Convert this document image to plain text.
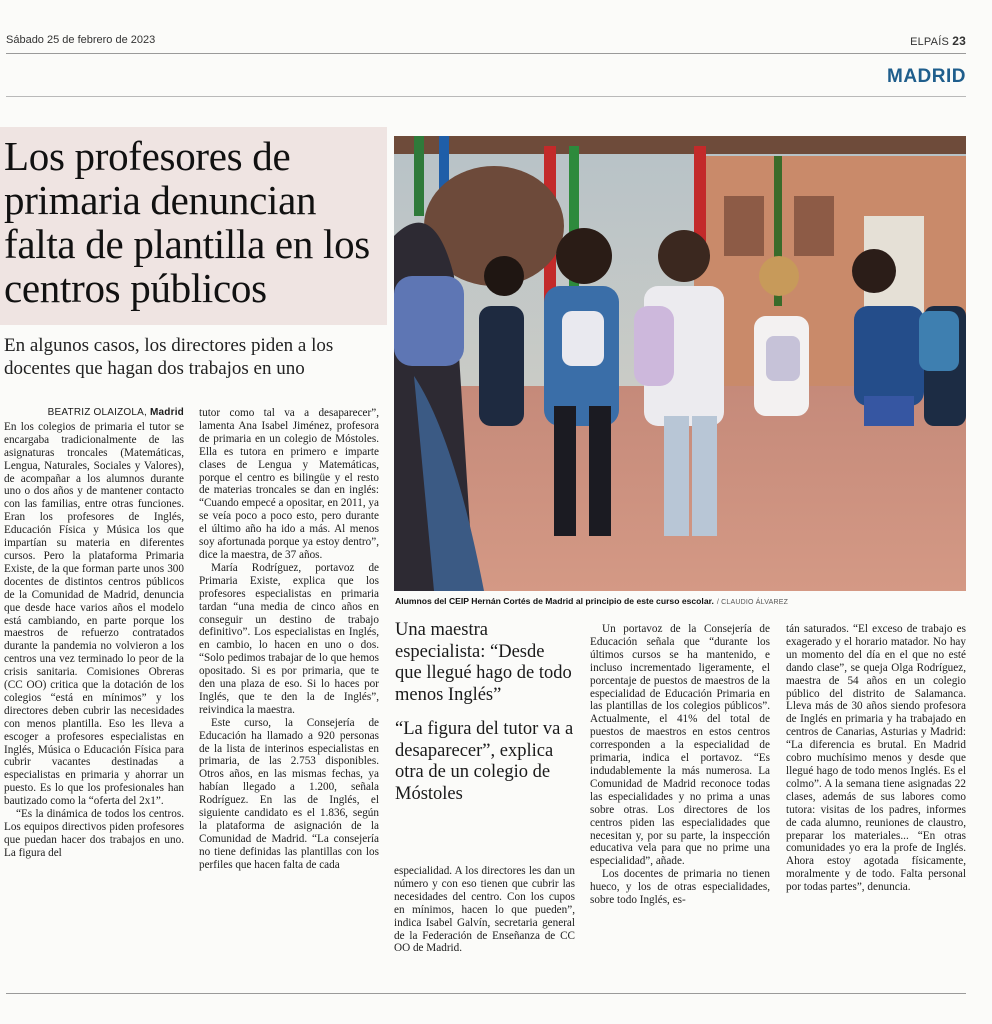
Sábado 25 de febrero de 2023	ELPAÍS 23
MADRID
Los profesores de primaria denuncian falta de plantilla en los centros públicos
En algunos casos, los directores piden a los docentes que hagan dos trabajos en uno
Alumnos del CEIP Hernán Cortés de Madrid al principio de este curso escolar. / CLAUDIO ÁLVAREZ

BEATRIZ OLAIZOLA, Madrid

En los colegios de primaria el tutor se encargaba tradicionalmente de las asignaturas troncales (Matemáticas, Lengua, Naturales, Sociales y Valores), de acompañar a los alumnos durante uno o dos años y de mantener contacto con las familias, entre otras funciones. Eran los profesores de Inglés, Educación Física y Música los que impartían su materia en diferentes cursos. Pero la plataforma Primaria Existe, de la que forman parte unos 300 docentes de distintos centros públicos de la Comunidad de Madrid, denuncia que desde hace varios años el modelo está cambiando, en parte porque los maestros de refuerzo contratados durante la pandemia no volvieron a los centros una vez terminado lo peor de la crisis sanitaria. Comisiones Obreras (CC OO) critica que la dotación de los colegios “está en mínimos” y los directores deben cubrir las necesidades con menos plantilla. Eso les lleva a escoger a profesores especialistas en Inglés, Música o Educación Física para cubrir vacantes destinadas a especialistas en primaria y ahorrar un puesto. Es lo que los profesionales han bautizado como la “oferta del 2x1”.

“Es la dinámica de todos los centros. Los equipos directivos piden profesores que puedan hacer dos trabajos en uno. La figura del

tutor como tal va a desaparecer”, lamenta Ana Isabel Jiménez, profesora de primaria en un colegio de Móstoles. Ella es tutora en primero e imparte clases de Lengua y Matemáticas, porque el centro es bilingüe y el resto de materias troncales se dan en inglés: “Cuando empecé a opositar, en 2011, ya se veía poco a poco esto, pero durante el último año ha ido a más. Al menos soy afortunada porque ya estoy dentro”, dice la maestra, de 37 años.

María Rodríguez, portavoz de Primaria Existe, explica que los profesores especialistas en primaria tardan “una media de cinco años en conseguir un destino de trabajo definitivo”. Los especialistas en Inglés, en cambio, lo hacen en uno o dos. “Solo pedimos trabajar de lo que hemos opositado. Si es por primaria, que te den una plaza de eso. Si lo haces por Inglés, que te den la de Inglés”, reivindica la maestra.

Este curso, la Consejería de Educación ha llamado a 920 personas de la lista de interinos especialistas en primaria, de las 2.753 disponibles. Otros años, en las mismas fechas, ya habían llegado a 1.200, señala Rodríguez. En las de Inglés, el siguiente candidato es el 1.836, según la plataforma de asignación de la Comunidad de Madrid. “La consejería no tiene definidas las plantillas con los perfiles que hacen falta de cada

Una maestra especialista: “Desde que llegué hago de todo menos Inglés”
“La figura del tutor va a desaparecer”, explica otra de un colegio de Móstoles

especialidad. A los directores les dan un número y con eso tienen que cubrir las necesidades del centro. Con los cupos en mínimos, hacen lo que pueden”, indica Isabel Galvín, secretaria general de la Federación de Enseñanza de CC OO de Madrid.

Un portavoz de la Consejería de Educación señala que “durante los últimos cursos se ha mantenido, e incluso incrementado ligeramente, el porcentaje de puestos de maestros de la especialidad de Educación Primaria en las plantillas de los colegios públicos”. Actualmente, el 41% del total de puestos de maestros en estos centros corresponden a la especialidad de primaria, indica el portavoz. “Es indudablemente la más numerosa. La Comunidad de Madrid reconoce todas las especialidades y no prima a unas sobre otras. Los directores de los centros piden las especialidades que necesitan y, por su parte, la inspección educativa vela para que no prime una especialidad”, añade.

Los docentes de primaria no tienen hueco, y los de otras especialidades, sobre todo Inglés, es-

tán saturados. “El exceso de trabajo es exagerado y el horario matador. No hay un momento del día en el que no esté dando clase”, se queja Olga Rodríguez, maestra de 54 años en un colegio público del distrito de Salamanca. Lleva más de 30 años siendo profesora de Inglés en primaria y ha trabajado en centros de Canarias, Asturias y Madrid: “La diferencia es brutal. En Madrid cobro muchísimo menos y desde que llegué hago de todo menos Inglés. Es el colmo”. A la semana tiene asignadas 22 clases, además de sus labores como tutora: visitas de los padres, informes de cada alumno, reuniones de claustro, preparar los materiales... “En otras comunidades yo era la profe de Inglés. Ahora estoy agotada físicamente, moralmente y de todo. Falta personal por todas partes”, denuncia.
